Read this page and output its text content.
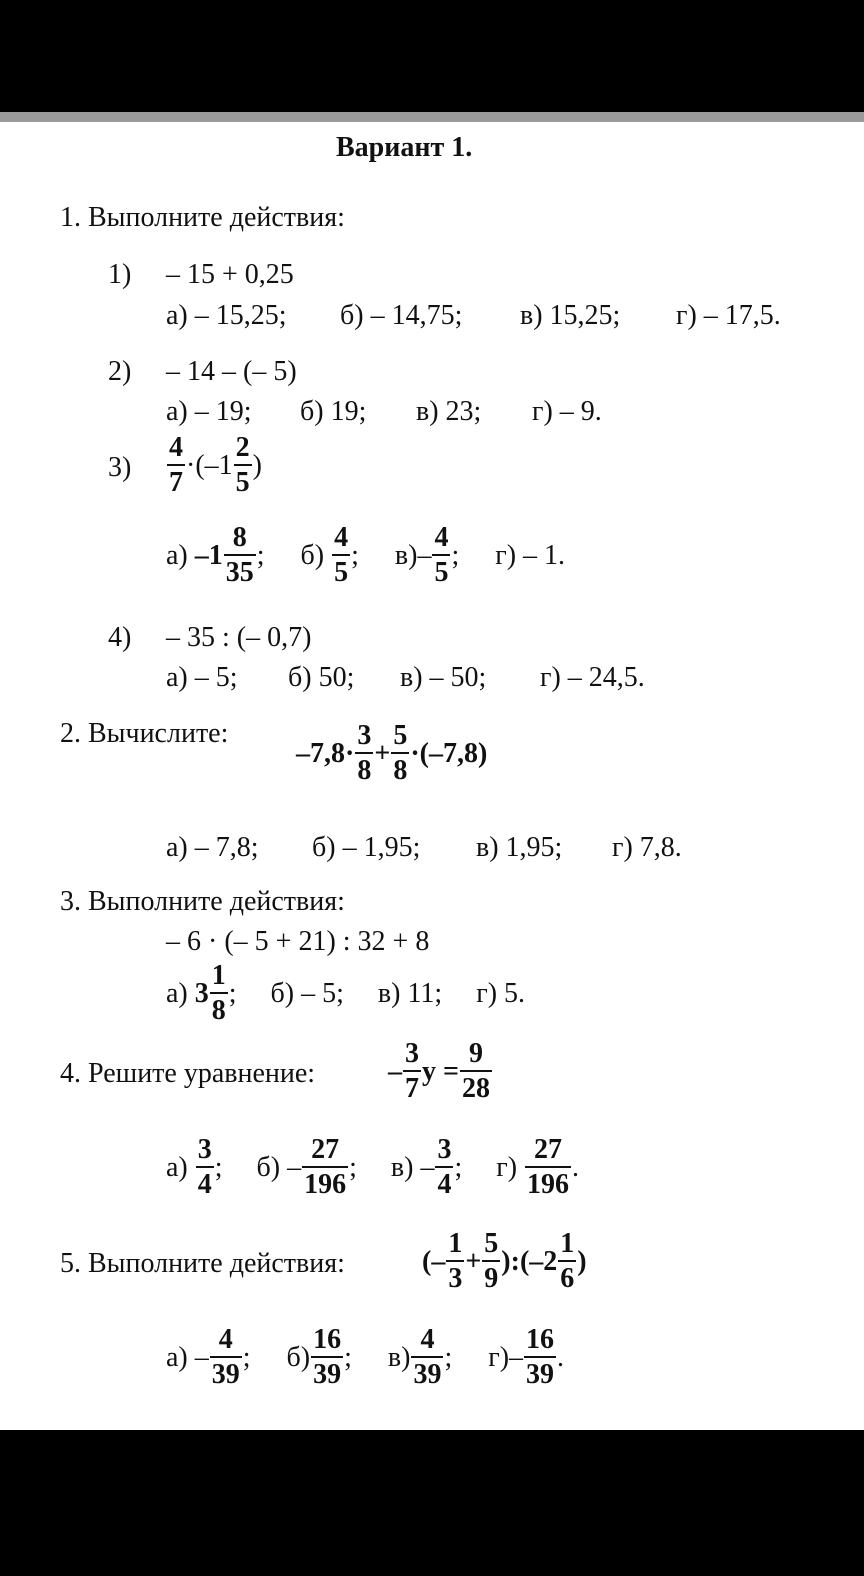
Вариант 1.
1. Выполните действия:
1) – 15 + 0,25
а) – 15,25; б) – 14,75; в) 15,25; г) – 17,5.
2) – 14 – (– 5)
а) – 19; б) 19; в) 23; г) – 9.
$3) \frac{4}{7} \cdot(-1 \frac{2}{5}$ )
а)
$-1 \frac{8}{35}$ ; б)
$\frac{4}{5}$ ; $в) - \frac{4}{5}$ ; г) – 1.
4) – 35 : (– 0,7)
а) – 5; б) 50; в) – 50; г) – 24,5.
2. Вычислите:
$-7,8\cdot \frac{3}{8} + \frac{5}{8} \cdot(-7,8)$
а) – 7,8; б) – 1,95; в) 1,95; г) 7,8.
3. Выполните действия:
– 6 · (– 5 + 21) : 32 + 8
а)
$3 \frac{1}{8}$ ; б) – 5; в) 11; г) 5.
4. Решите уравнение:	– $\frac{3}{7}$ $y = \frac{9}{28}$
а)
$\frac{3}{4}$ ; б)
– $\frac{27}{196}$ ; в)
– $\frac{3}{4}$ ; г)
$\frac{27}{196}$ .
5. Выполните действия:	(– $\frac{1}{3} + \frac{5}{9}$ ):(–2 $\frac{1}{6}$ )
а)
– $\frac{4}{39}$ ; $б) \frac{16}{39}$ ; $в) \frac{4}{39}$ ; $г) - \frac{16}{39}$ .
